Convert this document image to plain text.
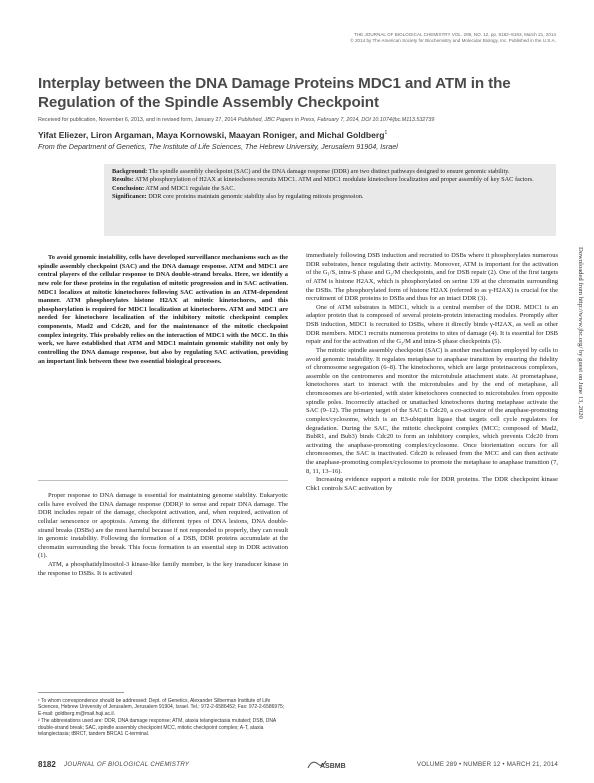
THE JOURNAL OF BIOLOGICAL CHEMISTRY VOL. 289, NO. 12, pp. 8182–8193, March 21, 2014
© 2014 by The American Society for Biochemistry and Molecular Biology, Inc. Published in the U.S.A.
Interplay between the DNA Damage Proteins MDC1 and ATM in the Regulation of the Spindle Assembly Checkpoint
Received for publication, November 6, 2013, and in revised form, January 27, 2014 Published, JBC Papers in Press, February 7, 2014, DOI 10.1074/jbc.M113.532739
Yifat Eliezer, Liron Argaman, Maya Kornowski, Maayan Roniger, and Michal Goldberg$^1$
From the Department of Genetics, The Institute of Life Sciences, The Hebrew University, Jerusalem 91904, Israel

Background: The spindle assembly checkpoint (SAC) and the DNA damage response (DDR) are two distinct pathways designed to ensure genomic stability.

Results: ATM phosphorylation of H2AX at kinetochores recruits MDC1. ATM and MDC1 modulate kinetochore localization and proper assembly of key SAC factors.

Conclusion: ATM and MDC1 regulate the SAC.

Significance: DDR core proteins maintain genomic stability also by regulating mitosis progression.

To avoid genomic instability, cells have developed surveillance mechanisms such as the spindle assembly checkpoint (SAC) and the DNA damage response. ATM and MDC1 are central players of the cellular response to DNA double-strand breaks. Here, we identify a new role for these proteins in the regulation of mitotic progression and in SAC activation. MDC1 localizes at mitotic kinetochores following SAC activation in an ATM-dependent manner. ATM phosphorylates histone H2AX at mitotic kinetochores, and this phosphorylation is required for MDC1 localization at kinetochores. ATM and MDC1 are needed for kinetochore localization of the inhibitory mitotic checkpoint complex components, Mad2 and Cdc20, and for the maintenance of the mitotic checkpoint complex integrity. This probably relies on the interaction of MDC1 with the MCC. In this work, we have established that ATM and MDC1 maintain genomic stability not only by controlling the DNA damage response, but also by regulating SAC activation, providing an important link between these two essential biological processes.

Proper response to DNA damage is essential for maintaining genome stability. Eukaryotic cells have evolved the DNA damage response (DDR)² to sense and repair DNA damage. The DDR includes repair of the damage, checkpoint activation, and, when required, activation of cellular senescence or apoptosis. Among the different types of DNA lesions, DNA double-strand breaks (DSBs) are the most harmful because if not responded to properly, they can result in genomic instability. Following the formation of a DSB, DDR proteins accumulate at the chromatin surrounding the break. This focus formation is an essential step in DDR activation (1).

ATM, a phosphatidylinositol-3 kinase-like family member, is the key transducer kinase in the response to DSBs. It is activated

immediately following DSB induction and recruited to DSBs where it phosphorylates numerous DDR substrates, hence regulating their activity. Moreover, ATM is important for the activation of the G₁/S, intra-S phase and G₂/M checkpoints, and for DSB repair (2). One of the first targets of ATM is histone H2AX, which is phosphorylated on serine 139 at the chromatin surrounding the DSBs. The phosphorylated form of histone H2AX (referred to as γ-H2AX) is crucial for the recruitment of DDR proteins to DSBs and thus for an intact DDR (3).

One of ATM substrates is MDC1, which is a central member of the DDR. MDC1 is an adaptor protein that is composed of several protein-protein interacting modules. Promptly after DSB induction, MDC1 is recruited to DSBs, where it directly binds γ-H2AX, as well as other DDR members. MDC1 recruits numerous proteins to sites of damage (4). It is essential for DSB repair and for the activation of the G₂/M and intra-S phase checkpoints (5).

The mitotic spindle assembly checkpoint (SAC) is another mechanism employed by cells to avoid genomic instability. It regulates metaphase to anaphase transition by ensuring the fidelity of chromosome segregation (6–8). The kinetochores, which are large proteinaceous complexes, assemble on the centromeres and monitor the microtubule attachment state. At prometaphase, kinetochores start to interact with the microtubules and by the end of metaphase, all chromosomes are bi-oriented, with sister kinetochores connected to microtubules from opposite spindle poles. Incorrectly attached or unattached kinetochores during metaphase activate the SAC (9–12). The primary target of the SAC is Cdc20, a co-activator of the anaphase-promoting complex/cyclosome, which is an E3-ubiquitin ligase that targets cell cycle regulators for degradation. During the SAC, the mitotic checkpoint complex (MCC; composed of Mad2, BubR1, and Bub3) binds Cdc20 to form an inhibitory complex, which prevents Cdc20 from activating the anaphase-promoting complex/cyclosome. Once biorientation occurs for all chromosomes, the SAC is inactivated. Cdc20 is released from the MCC and can then activate the anaphase-promoting complex/cyclosome to promote the metaphase to anaphase transition (7, 8, 11, 13–16).

Increasing evidence support a mitotic role for DDR proteins. The DDR checkpoint kinase Chk1 controls SAC activation by

¹ To whom correspondence should be addressed: Dept. of Genetics, Alexander Silberman Institute of Life Sciences, Hebrew University of Jerusalem, Jerusalem 91904, Israel. Tel.: 972-2-6586452; Fax: 972-2-6586975; E-mail: goldberg.m@mail.huji.ac.il.

² The abbreviations used are: DDR, DNA damage response; ATM, ataxia telangiectasia mutated; DSB, DNA double-strand break; SAC, spindle assembly checkpoint MCC, mitotic checkpoint complex; A-T, ataxia telangiectasia; tBRCT, tandem BRCA1 C-terminal.

Downloaded from http://www.jbc.org/ by guest on June 13, 2020
8182 JOURNAL OF BIOLOGICAL CHEMISTRY	ASBMB	VOLUME 289 • NUMBER 12 • MARCH 21, 2014
